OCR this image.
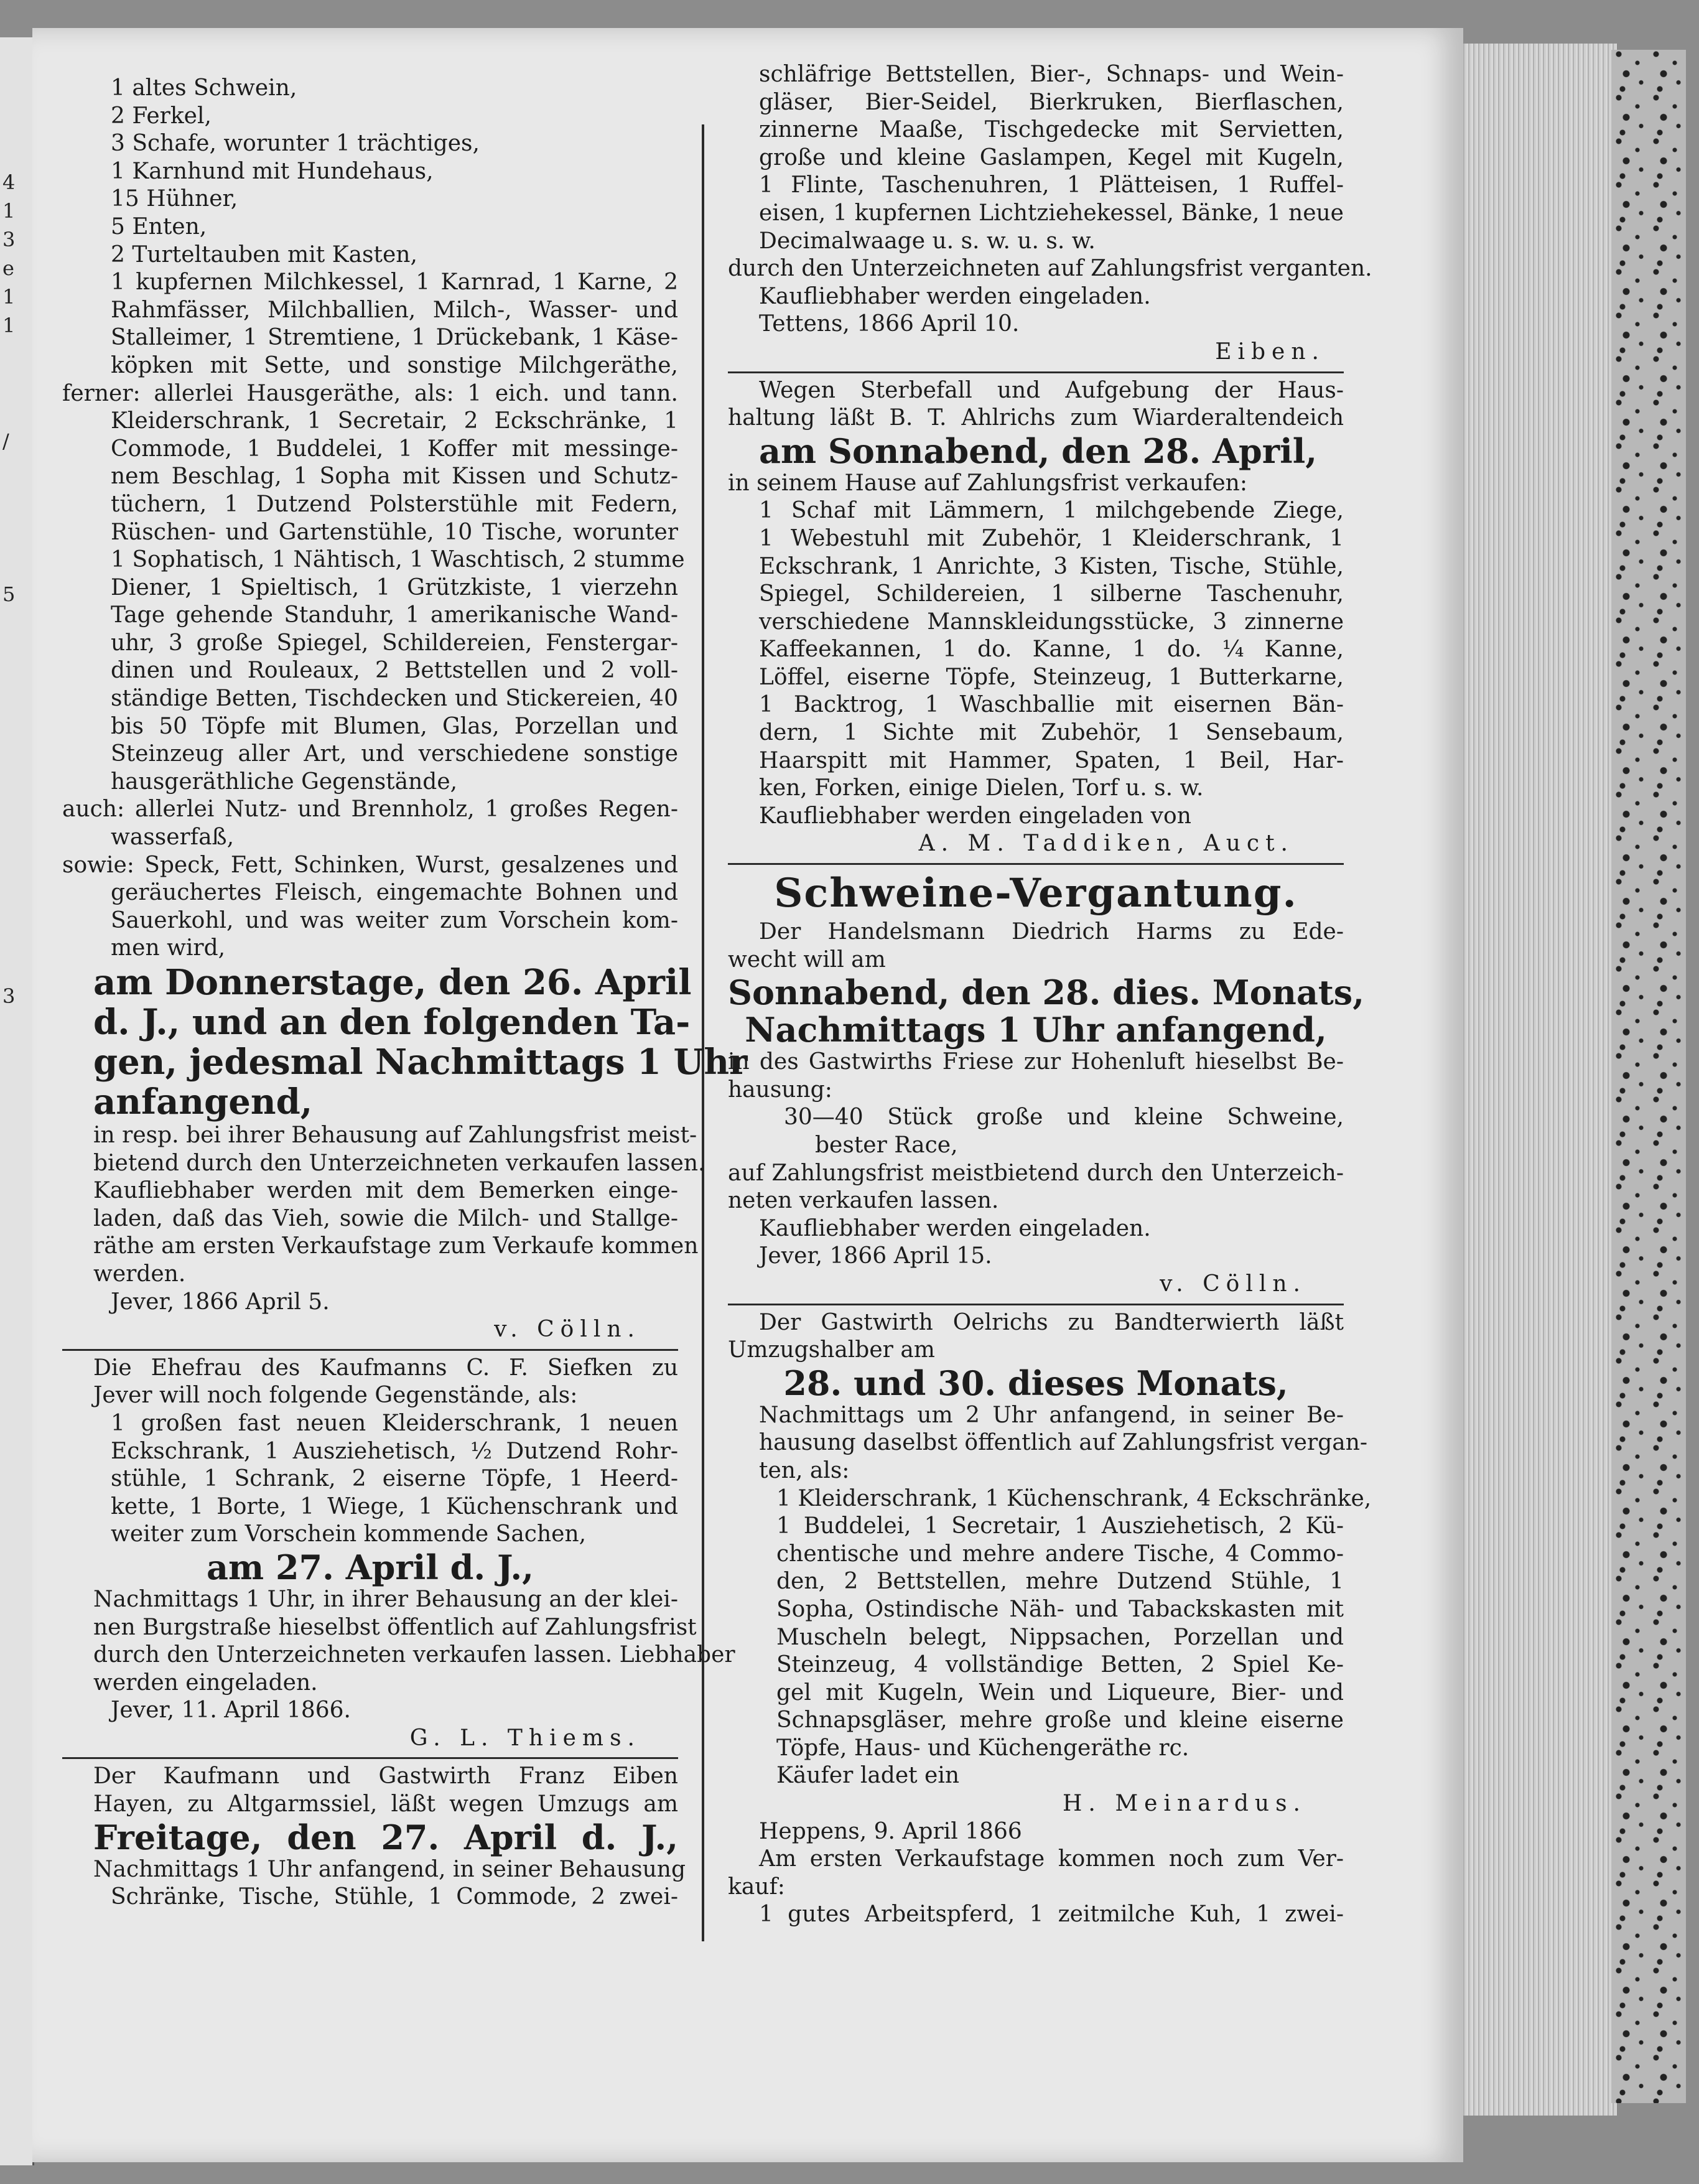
4
1
3
e
1
1
/
5
3
1 altes Schwein,
2 Ferkel,
3 Schafe, worunter 1 trächtiges,
1 Karnhund mit Hundehaus,
15 Hühner,
5 Enten,
2 Turteltauben mit Kasten,
1 kupfernen Milchkessel, 1 Karnrad, 1 Karne, 2
Rahmfässer, Milchballien, Milch-, Wasser- und
Stalleimer, 1 Stremtiene, 1 Drückebank, 1 Käse-
köpken mit Sette, und sonstige Milchgeräthe,
ferner: allerlei Hausgeräthe, als: 1 eich. und tann.
Kleiderschrank, 1 Secretair, 2 Eckschränke, 1
Commode, 1 Buddelei, 1 Koffer mit messinge-
nem Beschlag, 1 Sopha mit Kissen und Schutz-
tüchern, 1 Dutzend Polsterstühle mit Federn,
Rüschen- und Gartenstühle, 10 Tische, worunter
1 Sophatisch, 1 Nähtisch, 1 Waschtisch, 2 stumme
Diener, 1 Spieltisch, 1 Grützkiste, 1 vierzehn
Tage gehende Standuhr, 1 amerikanische Wand-
uhr, 3 große Spiegel, Schildereien, Fenstergar-
dinen und Rouleaux, 2 Bettstellen und 2 voll-
ständige Betten, Tischdecken und Stickereien, 40
bis 50 Töpfe mit Blumen, Glas, Porzellan und
Steinzeug aller Art, und verschiedene sonstige
hausgeräthliche Gegenstände,
auch: allerlei Nutz- und Brennholz, 1 großes Regen-
wasserfaß,
sowie: Speck, Fett, Schinken, Wurst, gesalzenes und
geräuchertes Fleisch, eingemachte Bohnen und
Sauerkohl, und was weiter zum Vorschein kom-
men wird,
am Donnerstage, den 26. April
d. J., und an den folgenden Ta-
gen, jedesmal Nachmittags 1 Uhr
anfangend,
in resp. bei ihrer Behausung auf Zahlungsfrist meist-
bietend durch den Unterzeichneten verkaufen lassen.
Kaufliebhaber werden mit dem Bemerken einge-
laden, daß das Vieh, sowie die Milch- und Stallge-
räthe am ersten Verkaufstage zum Verkaufe kommen
werden.
Jever, 1866 April 5.
v. Cölln.
Die Ehefrau des Kaufmanns C. F. Siefken zu
Jever will noch folgende Gegenstände, als:
1 großen fast neuen Kleiderschrank, 1 neuen
Eckschrank, 1 Ausziehetisch, ½ Dutzend Rohr-
stühle, 1 Schrank, 2 eiserne Töpfe, 1 Heerd-
kette, 1 Borte, 1 Wiege, 1 Küchenschrank und
weiter zum Vorschein kommende Sachen,
am 27. April d. J.,
Nachmittags 1 Uhr, in ihrer Behausung an der klei-
nen Burgstraße hieselbst öffentlich auf Zahlungsfrist
durch den Unterzeichneten verkaufen lassen. Liebhaber
werden eingeladen.
Jever, 11. April 1866.
G. L. Thiems.
Der Kaufmann und Gastwirth Franz Eiben
Hayen, zu Altgarmssiel, läßt wegen Umzugs am
Freitage, den 27. April d. J.,
Nachmittags 1 Uhr anfangend, in seiner Behausung
Schränke, Tische, Stühle, 1 Commode, 2 zwei-
schläfrige Bettstellen, Bier-, Schnaps- und Wein-
gläser, Bier-Seidel, Bierkruken, Bierflaschen,
zinnerne Maaße, Tischgedecke mit Servietten,
große und kleine Gaslampen, Kegel mit Kugeln,
1 Flinte, Taschenuhren, 1 Plätteisen, 1 Ruffel-
eisen, 1 kupfernen Lichtziehekessel, Bänke, 1 neue
Decimalwaage u. s. w. u. s. w.
durch den Unterzeichneten auf Zahlungsfrist verganten.
Kaufliebhaber werden eingeladen.
Tettens, 1866 April 10.
Eiben.
Wegen Sterbefall und Aufgebung der Haus-
haltung läßt B. T. Ahlrichs zum Wiarderaltendeich
am Sonnabend, den 28. April,
in seinem Hause auf Zahlungsfrist verkaufen:
1 Schaf mit Lämmern, 1 milchgebende Ziege,
1 Webestuhl mit Zubehör, 1 Kleiderschrank, 1
Eckschrank, 1 Anrichte, 3 Kisten, Tische, Stühle,
Spiegel, Schildereien, 1 silberne Taschenuhr,
verschiedene Mannskleidungsstücke, 3 zinnerne
Kaffeekannen, 1 do. Kanne, 1 do. ¼ Kanne,
Löffel, eiserne Töpfe, Steinzeug, 1 Butterkarne,
1 Backtrog, 1 Waschballie mit eisernen Bän-
dern, 1 Sichte mit Zubehör, 1 Sensebaum,
Haarspitt mit Hammer, Spaten, 1 Beil, Har-
ken, Forken, einige Dielen, Torf u. s. w.
Kaufliebhaber werden eingeladen von
A. M. Taddiken, Auct.
Schweine-Vergantung.
Der Handelsmann Diedrich Harms zu Ede-
wecht will am
Sonnabend, den 28. dies. Monats,
Nachmittags 1 Uhr anfangend,
in des Gastwirths Friese zur Hohenluft hieselbst Be-
hausung:
30—40 Stück große und kleine Schweine,
bester Race,
auf Zahlungsfrist meistbietend durch den Unterzeich-
neten verkaufen lassen.
Kaufliebhaber werden eingeladen.
Jever, 1866 April 15.
v. Cölln.
Der Gastwirth Oelrichs zu Bandterwierth läßt
Umzugshalber am
28. und 30. dieses Monats,
Nachmittags um 2 Uhr anfangend, in seiner Be-
hausung daselbst öffentlich auf Zahlungsfrist vergan-
ten, als:
1 Kleiderschrank, 1 Küchenschrank, 4 Eckschränke,
1 Buddelei, 1 Secretair, 1 Ausziehetisch, 2 Kü-
chentische und mehre andere Tische, 4 Commo-
den, 2 Bettstellen, mehre Dutzend Stühle, 1
Sopha, Ostindische Näh- und Tabackskasten mit
Muscheln belegt, Nippsachen, Porzellan und
Steinzeug, 4 vollständige Betten, 2 Spiel Ke-
gel mit Kugeln, Wein und Liqueure, Bier- und
Schnapsgläser, mehre große und kleine eiserne
Töpfe, Haus- und Küchengeräthe rc.
Käufer ladet ein
H. Meinardus.
Heppens, 9. April 1866
Am ersten Verkaufstage kommen noch zum Ver-
kauf:
1 gutes Arbeitspferd, 1 zeitmilche Kuh, 1 zwei-
